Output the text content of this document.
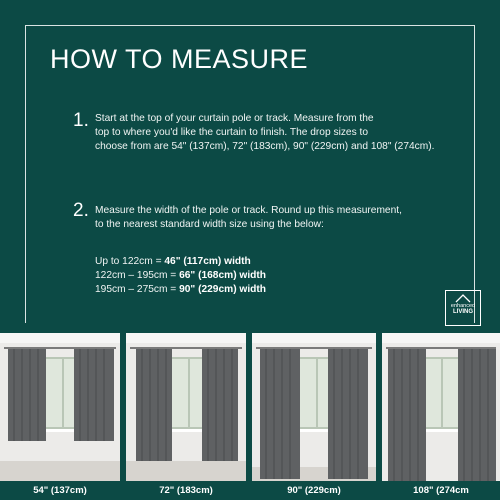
HOW TO MEASURE
1. Start at the top of your curtain pole or track. Measure from the
top to where you'd like the curtain to finish. The drop sizes to
choose from are 54" (137cm), 72" (183cm), 90" (229cm) and 108" (274cm).
2. Measure the width of the pole or track. Round up this measurement,
to the nearest standard width size using the below:
Up to 122cm = 46" (117cm) width
122cm – 195cm = 66" (168cm) width
195cm – 275cm = 90" (229cm) width
enhanced
LIVING
54" (137cm)	72" (183cm)	90" (229cm)	108" (274cm
